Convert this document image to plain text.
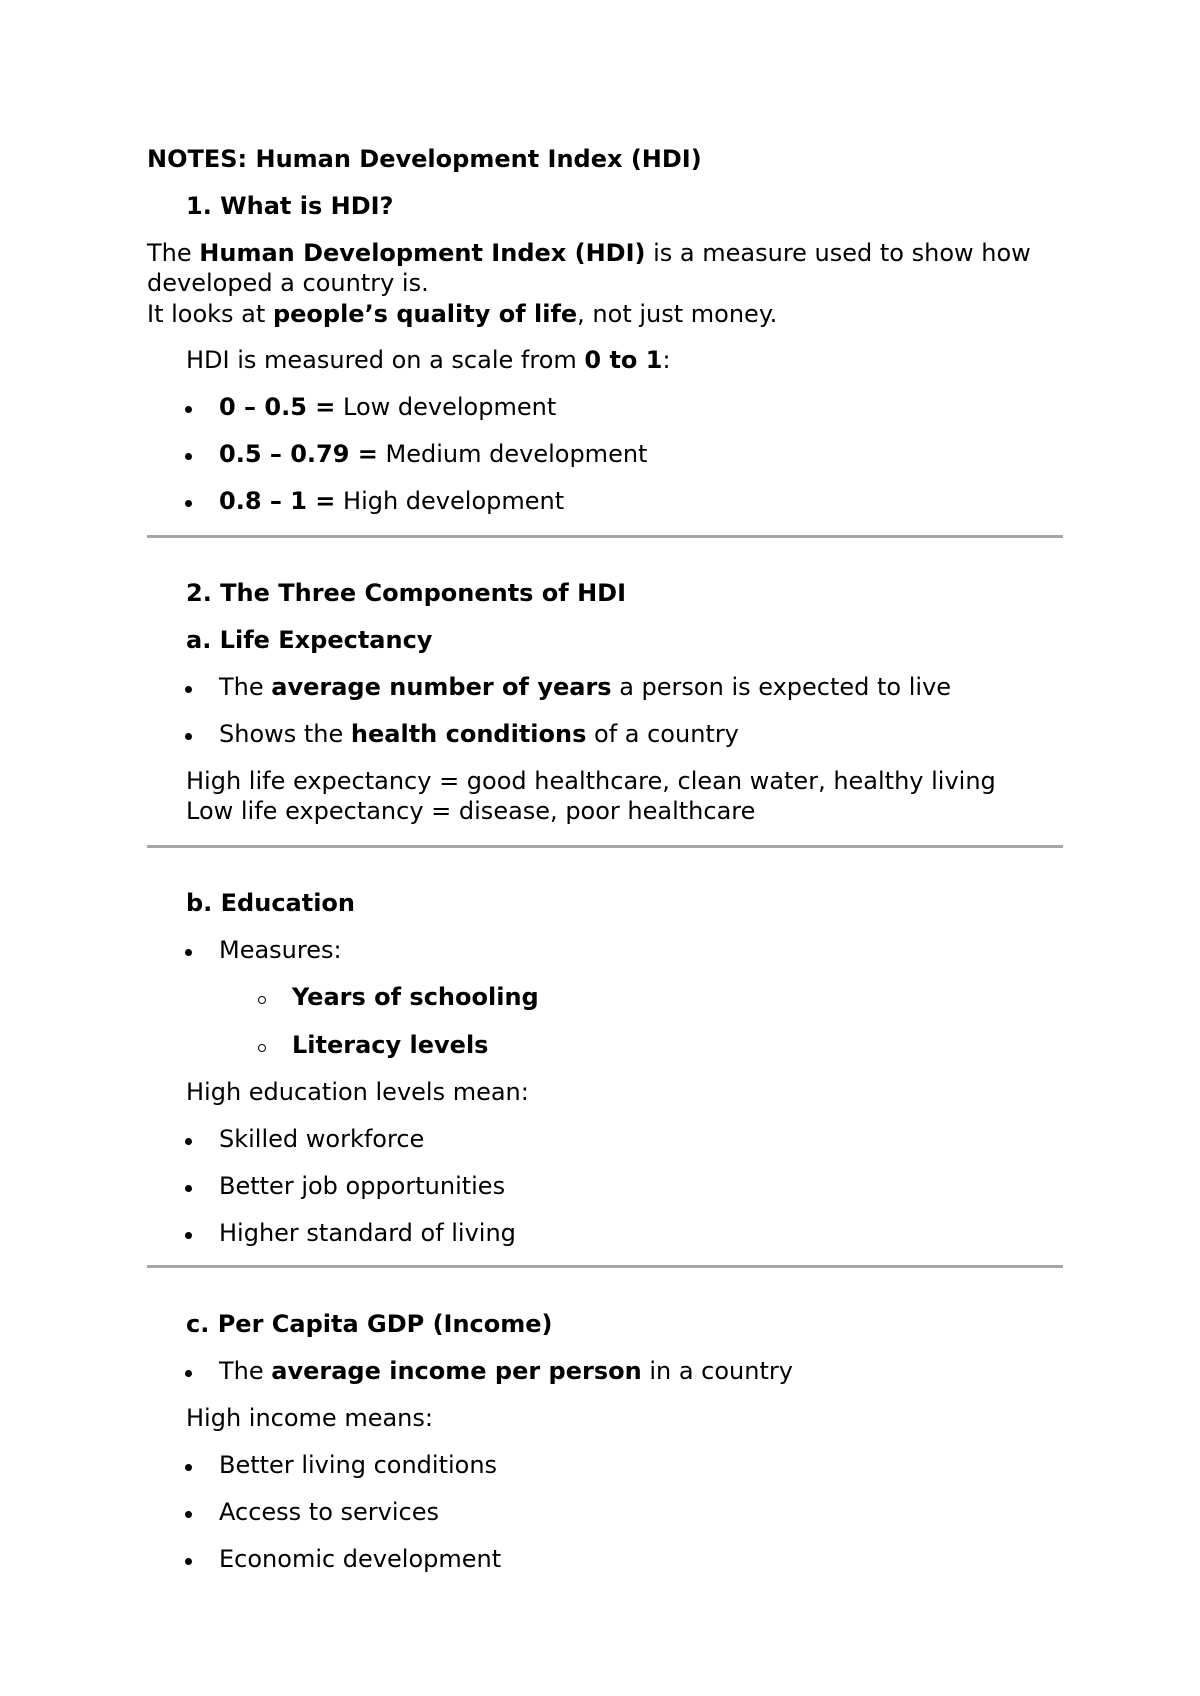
NOTES: Human Development Index (HDI)
1. What is HDI?
The Human Development Index (HDI) is a measure used to show how
developed a country is.
It looks at people’s quality of life, not just money.
HDI is measured on a scale from 0 to 1:
0 – 0.5 = Low development
0.5 – 0.79 = Medium development
0.8 – 1 = High development
2. The Three Components of HDI
a. Life Expectancy
The average number of years a person is expected to live
Shows the health conditions of a country
High life expectancy = good healthcare, clean water, healthy living
Low life expectancy = disease, poor healthcare
b. Education
Measures:
Years of schooling
Literacy levels
High education levels mean:
Skilled workforce
Better job opportunities
Higher standard of living
c. Per Capita GDP (Income)
The average income per person in a country
High income means:
Better living conditions
Access to services
Economic development
